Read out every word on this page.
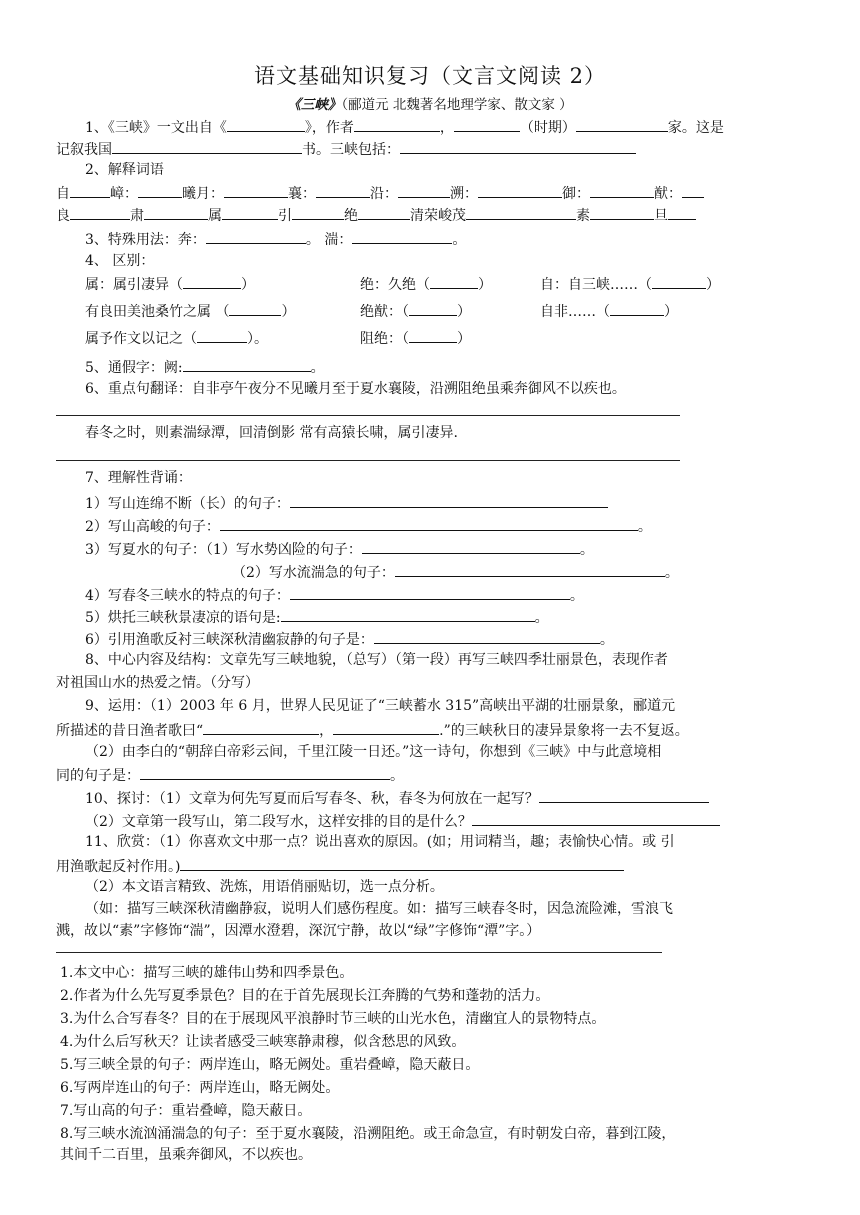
语文基础知识复习（文言文阅读 2）
《三峡》（郦道元 北魏著名地理学家、散文家 ）
1、《三峡》一文出自《	》，作者	，	（时期）	家。这是
记叙我国	书。三峡包括：
2、解释词语
自	嶂：	曦月：	襄：	沿：	溯：	御：	猷：
良	肃	属	引	绝	清荣峻茂	素	旦
3、特殊用法：奔：	。 湍：	。
4、 区别：
属：属引凄异（	）	绝：久绝（	）	自：自三峡……（	）
有良田美池桑竹之属 （	）	绝猷：（	）	自非……（	）
属予作文以记之（	）。	阻绝：（	）
5、通假字：阙:	。
6、重点句翻译：自非亭午夜分不见曦月至于夏水襄陵，沿溯阻绝虽乘奔御风不以疾也。
春冬之时，则素湍绿潭，回清倒影 常有高猿长啸，属引凄异.
7、理解性背诵：
1）写山连绵不断（长）的句子：
2）写山高峻的句子：	。
3）写夏水的句子：（1）写水势凶险的句子：	。
（2）写水流湍急的句子：	。
4）写春冬三峡水的特点的句子：	。
5）烘托三峡秋景凄凉的语句是:	。
6）引用渔歌反衬三峡深秋清幽寂静的句子是：	。
8、中心内容及结构：文章先写三峡地貌，（总写）（第一段）再写三峡四季壮丽景色，表现作者
对祖国山水的热爱之情。（分写）
9、运用：（1）2003 年 6 月，世界人民见证了“三峡蓄水 315”高峡出平湖的壮丽景象，郦道元
所描述的昔日渔者歌曰“	，	.”的三峡秋日的凄异景象将一去不复返。
（2）由李白的“朝辞白帝彩云间，千里江陵一日还。”这一诗句，你想到《三峡》中与此意境相
同的句子是：	。
10、探讨：（1）文章为何先写夏而后写春冬、秋，春冬为何放在一起写？
（2）文章第一段写山，第二段写水，这样安排的目的是什么？
11、欣赏：（1）你喜欢文中那一点？说出喜欢的原因。(如；用词精当，趣；表愉快心情。或 引
用渔歌起反衬作用。)
（2）本文语言精致、洗炼，用语俏丽贴切，选一点分析。
（如：描写三峡深秋清幽静寂，说明人们感伤程度。如：描写三峡春冬时，因急流险滩，雪浪飞
溅，故以“素”字修饰“湍”，因潭水澄碧，深沉宁静，故以“绿”字修饰“潭”字。）
1.本文中心：描写三峡的雄伟山势和四季景色。
2.作者为什么先写夏季景色？目的在于首先展现长江奔腾的气势和蓬勃的活力。
3.为什么合写春冬？目的在于展现风平浪静时节三峡的山光水色，清幽宜人的景物特点。
4.为什么后写秋天？让读者感受三峡寒静肃穆，似含愁思的风致。
5.写三峡全景的句子：两岸连山，略无阙处。重岩叠嶂，隐天蔽日。
6.写两岸连山的句子：两岸连山，略无阙处。
7.写山高的句子：重岩叠嶂，隐天蔽日。
8.写三峡水流汹涌湍急的句子：至于夏水襄陵，沿溯阻绝。或王命急宣，有时朝发白帝，暮到江陵，
其间千二百里，虽乘奔御风，不以疾也。
